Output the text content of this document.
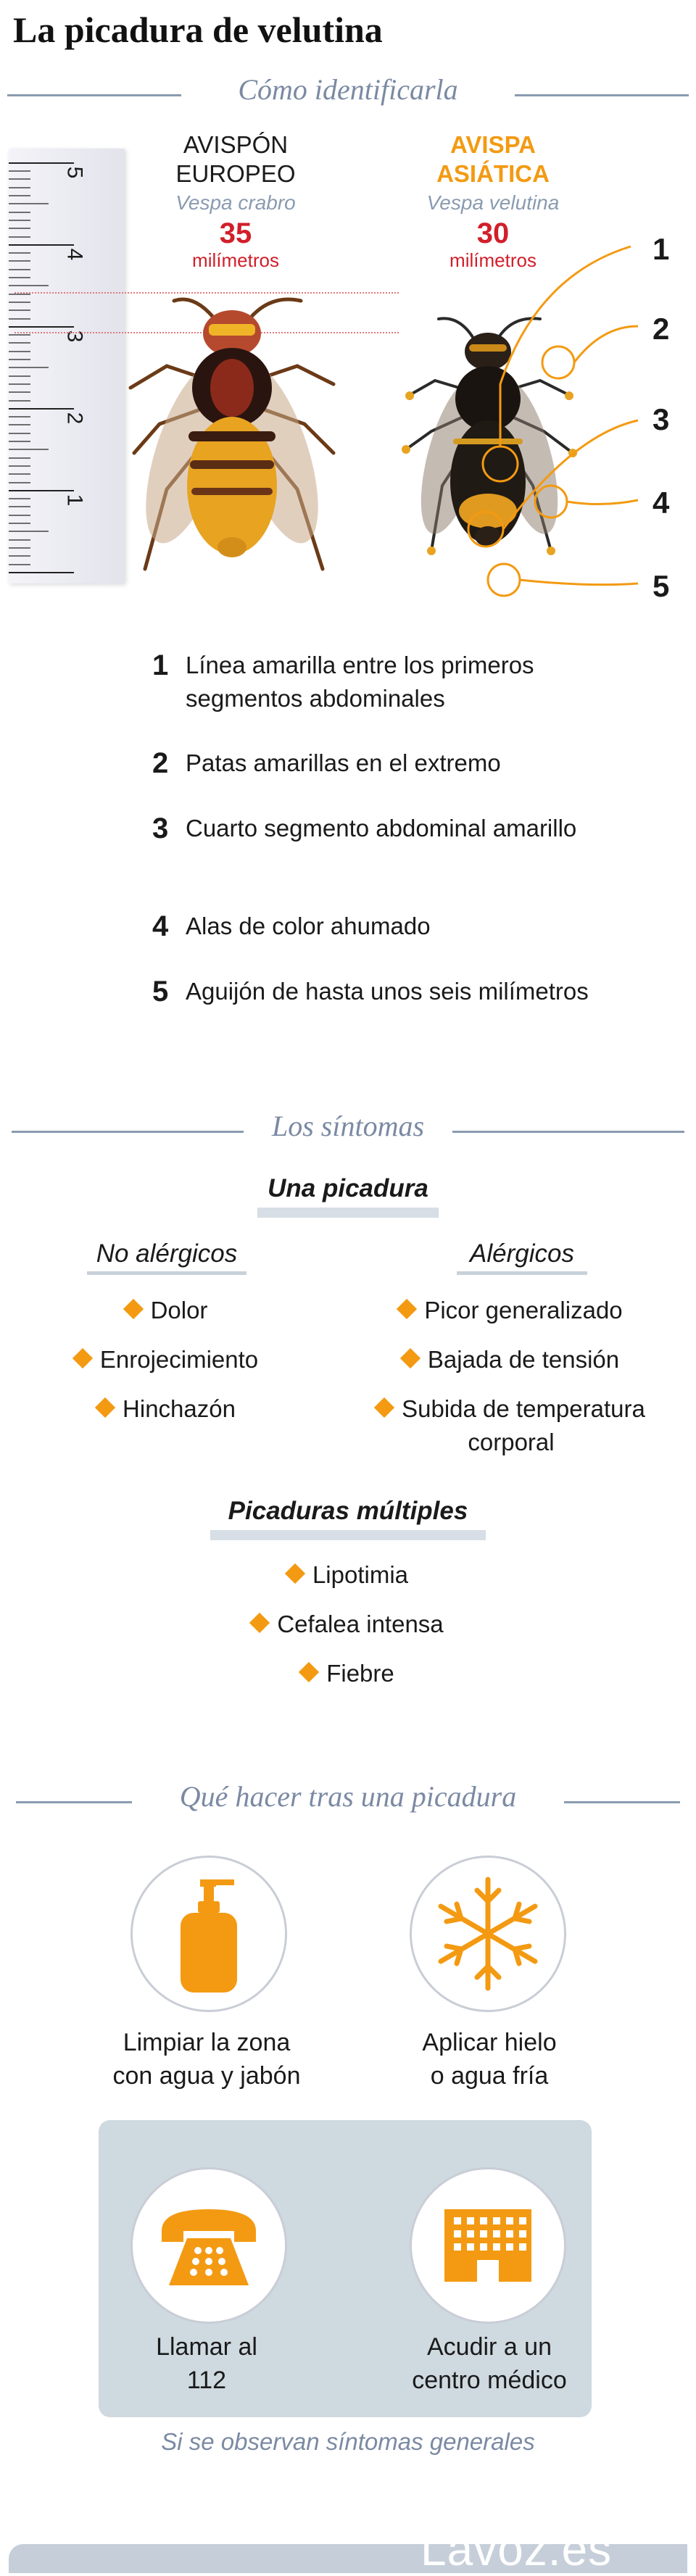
La picadura de velutina
Cómo identificarla
5
4
3
2
1
AVISPÓN
EUROPEO
Vespa crabro
35
milímetros
AVISPA
ASIÁTICA
Vespa velutina
30
milímetros	1
2
3
4
5
1 Línea amarilla entre los primeros segmentos abdominales
2 Patas amarillas en el extremo
3 Cuarto segmento abdominal amarillo
4 Alas de color ahumado
5 Aguijón de hasta unos seis milímetros
Los síntomas
Una picadura
No alérgicos	Alérgicos
Dolor
Enrojecimiento
Hinchazón
Picor generalizado
Bajada de tensión
Subida de temperatura corporal
Picaduras múltiples
Lipotimia
Cefalea intensa
Fiebre
Qué hacer tras una picadura
Limpiar la zona
con agua y jabón
Aplicar hielo
o agua fría
Llamar al
112
Acudir a un
centro médico
Si se observan síntomas generales
Lavoz.es
